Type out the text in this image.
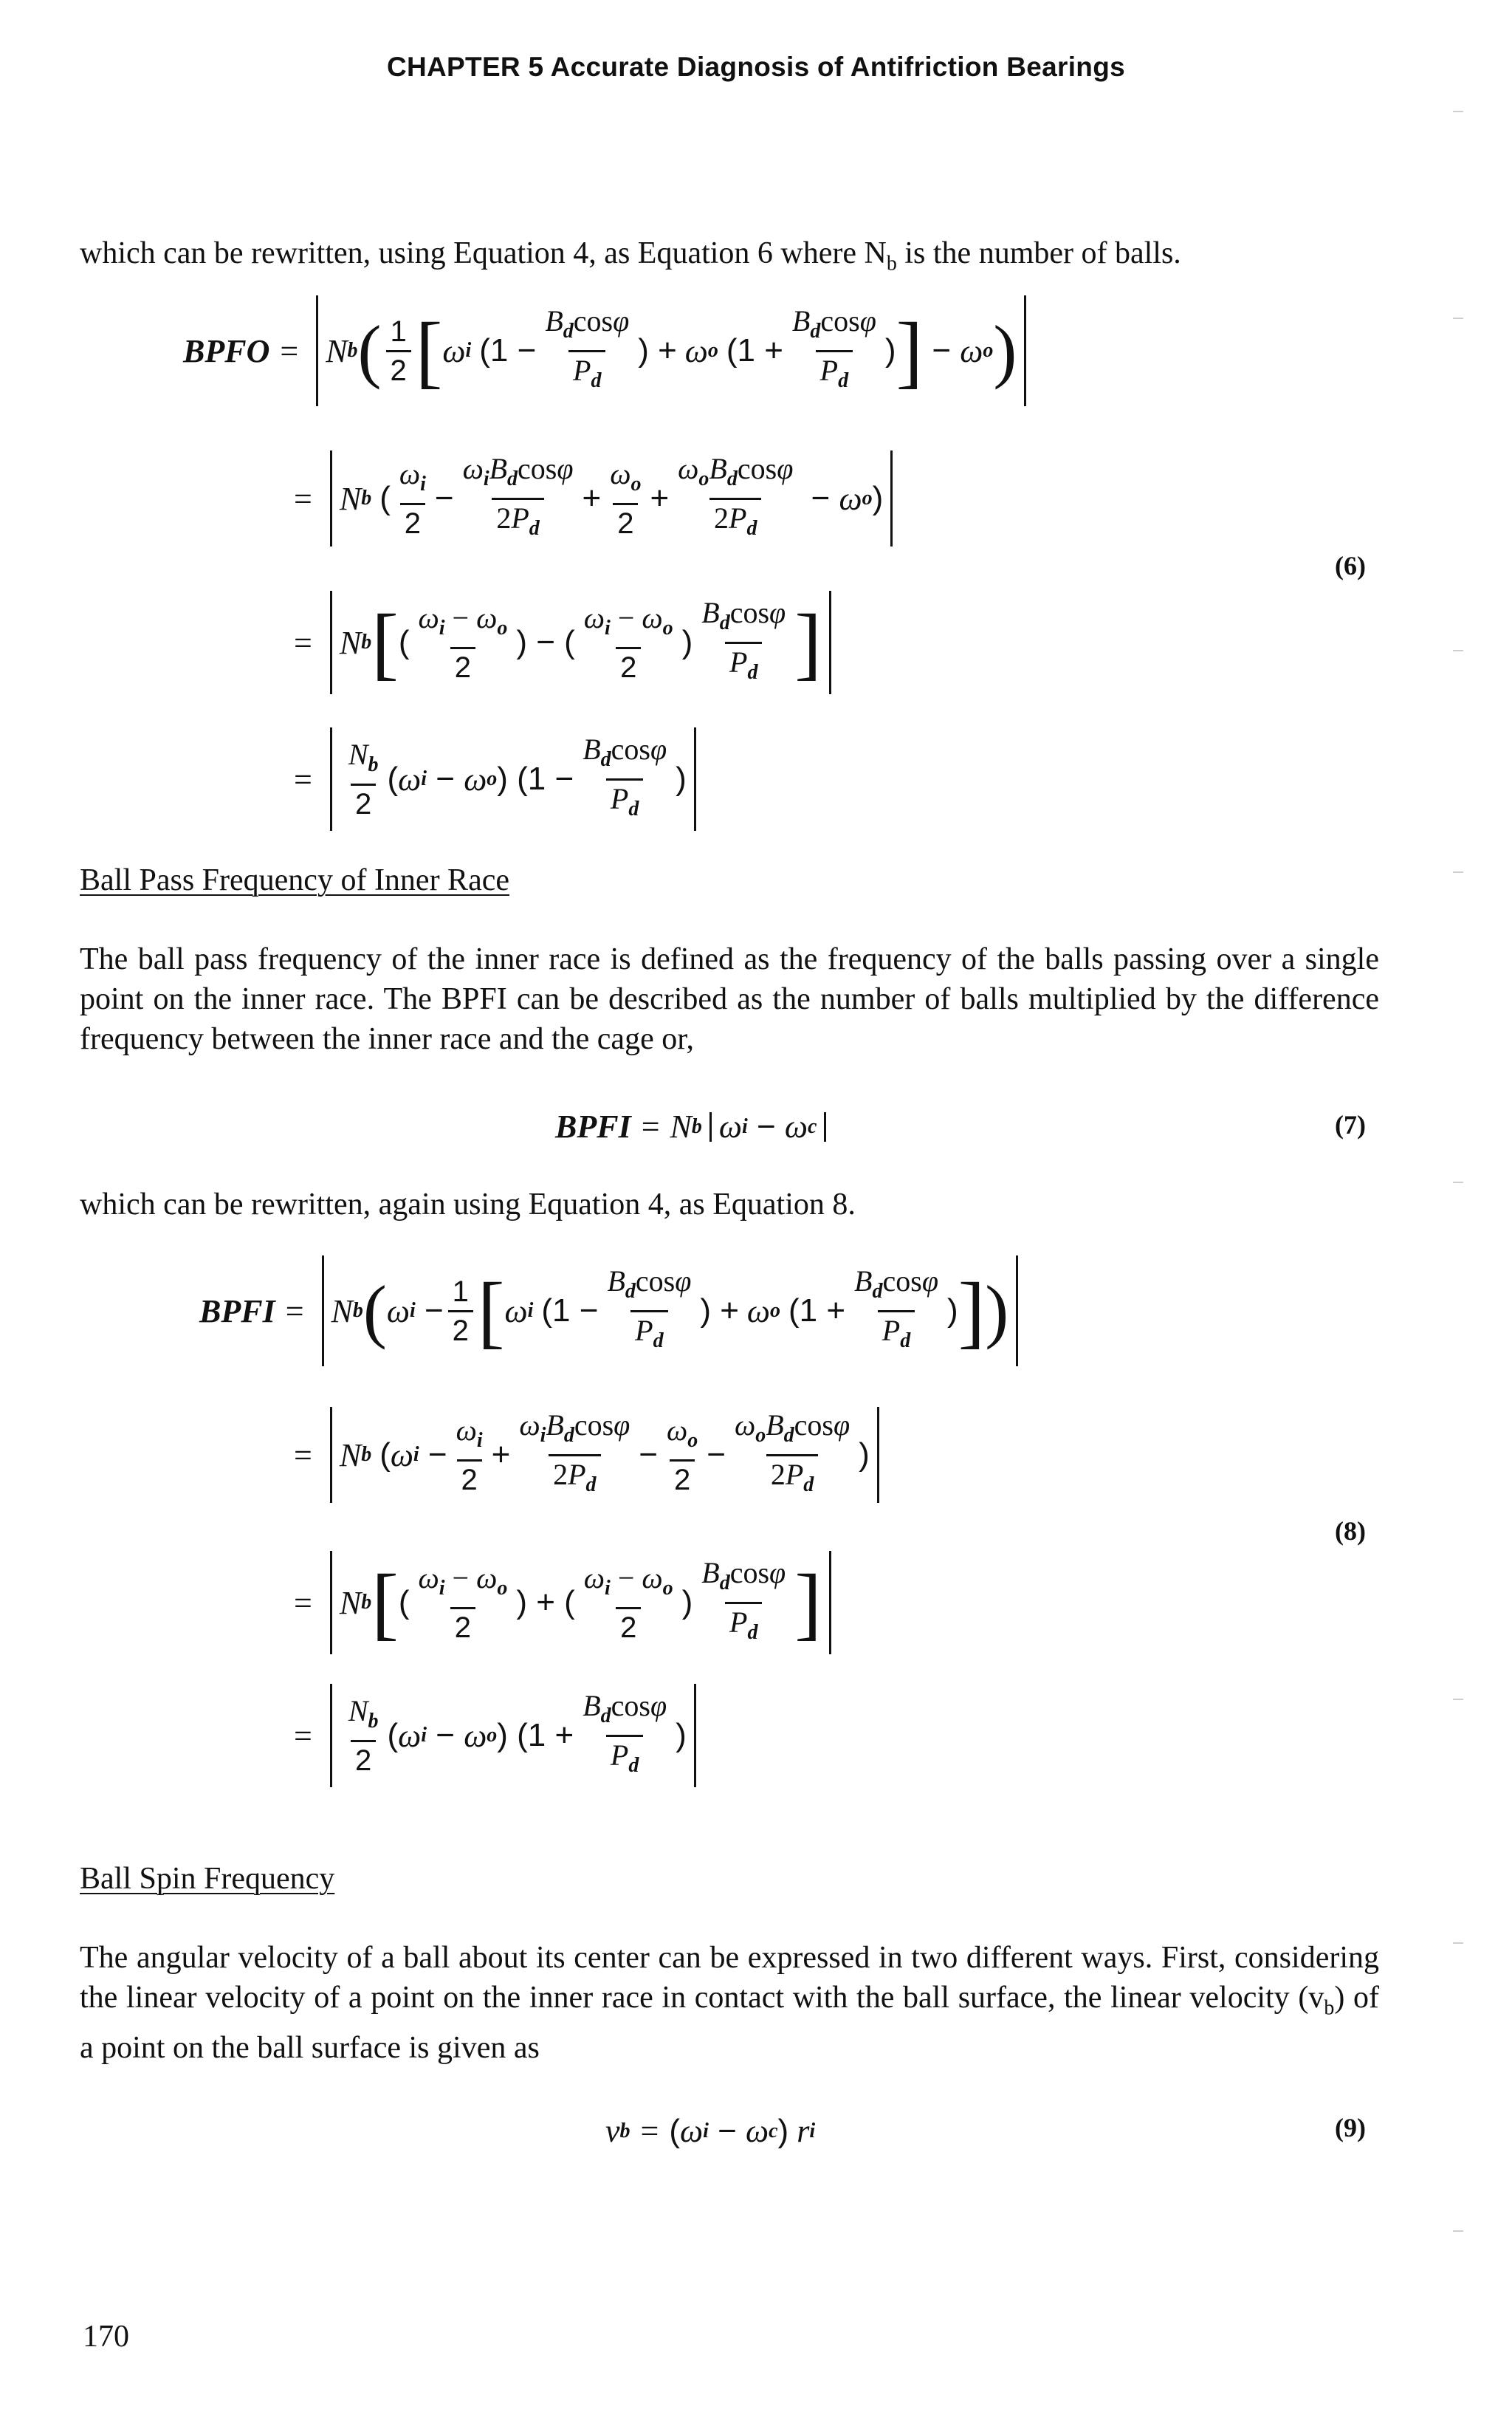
CHAPTER 5 Accurate Diagnosis of Antifriction Bearings
which can be rewritten, using Equation 4, as Equation 6 where $N_b$ is the number of balls.
BPFO = N b ( $\frac{1}{2}$ [ ω i
($1 - \frac{B_d\cos\varphi}{P_d}$ ) +
ω o
($1 + \frac{B_d\cos\varphi}{P_d}$ ) ] − ω o )
= N b
( $\frac{\omega_i}{2} - \frac{\omega_iB_d\cos\varphi}{2P_d} + \frac{\omega_o}{2} + \frac{\omega_oB_d\cos\varphi}{2P_d} - \omega$ o )
(6)
= N b [ ( $\frac{\omega_i - \omega_o}{2}$ ) − ( $\frac{\omega_i - \omega_o}{2}$ ) $\frac{B_d\cos\varphi}{P_d}$ ]
= $\frac{N_b}{2}$ ( ω i − ω o ) ($1 - \frac{B_d\cos\varphi}{P_d}$ )
Ball Pass Frequency of Inner Race
The ball pass frequency of the inner race is defined as the frequency of the balls passing over a single point on the inner race. The BPFI can be described as the number of balls multiplied by the difference frequency between the inner race and the cage or,
BPFI = N b ω i − ω c	(7)
which can be rewritten, again using Equation 4, as Equation 8.
BPFI = N b ( ω $i - \frac{1}{2}$ [ ω i
($1 - \frac{B_d\cos\varphi}{P_d}$ ) +
ω o
($1 + \frac{B_d\cos\varphi}{P_d}$ ) ] )
= N b
( ω $i - \frac{\omega_i}{2} + \frac{\omega_iB_d\cos\varphi}{2P_d} - \frac{\omega_o}{2} - \frac{\omega_oB_d\cos\varphi}{2P_d}$ )
(8)
= N b [ ( $\frac{\omega_i - \omega_o}{2}$ ) + ( $\frac{\omega_i - \omega_o}{2}$ ) $\frac{B_d\cos\varphi}{P_d}$ ]
= $\frac{N_b}{2}$ ( ω i − ω o ) ($1 + \frac{B_d\cos\varphi}{P_d}$ )
Ball Spin Frequency
The angular velocity of a ball about its center can be expressed in two different ways. First, considering the linear velocity of a point on the inner race in contact with the ball surface, the linear velocity $(v_b)$ of a point on the ball surface is given as
v b = ( ω i − ω c )
r i	(9)
170
